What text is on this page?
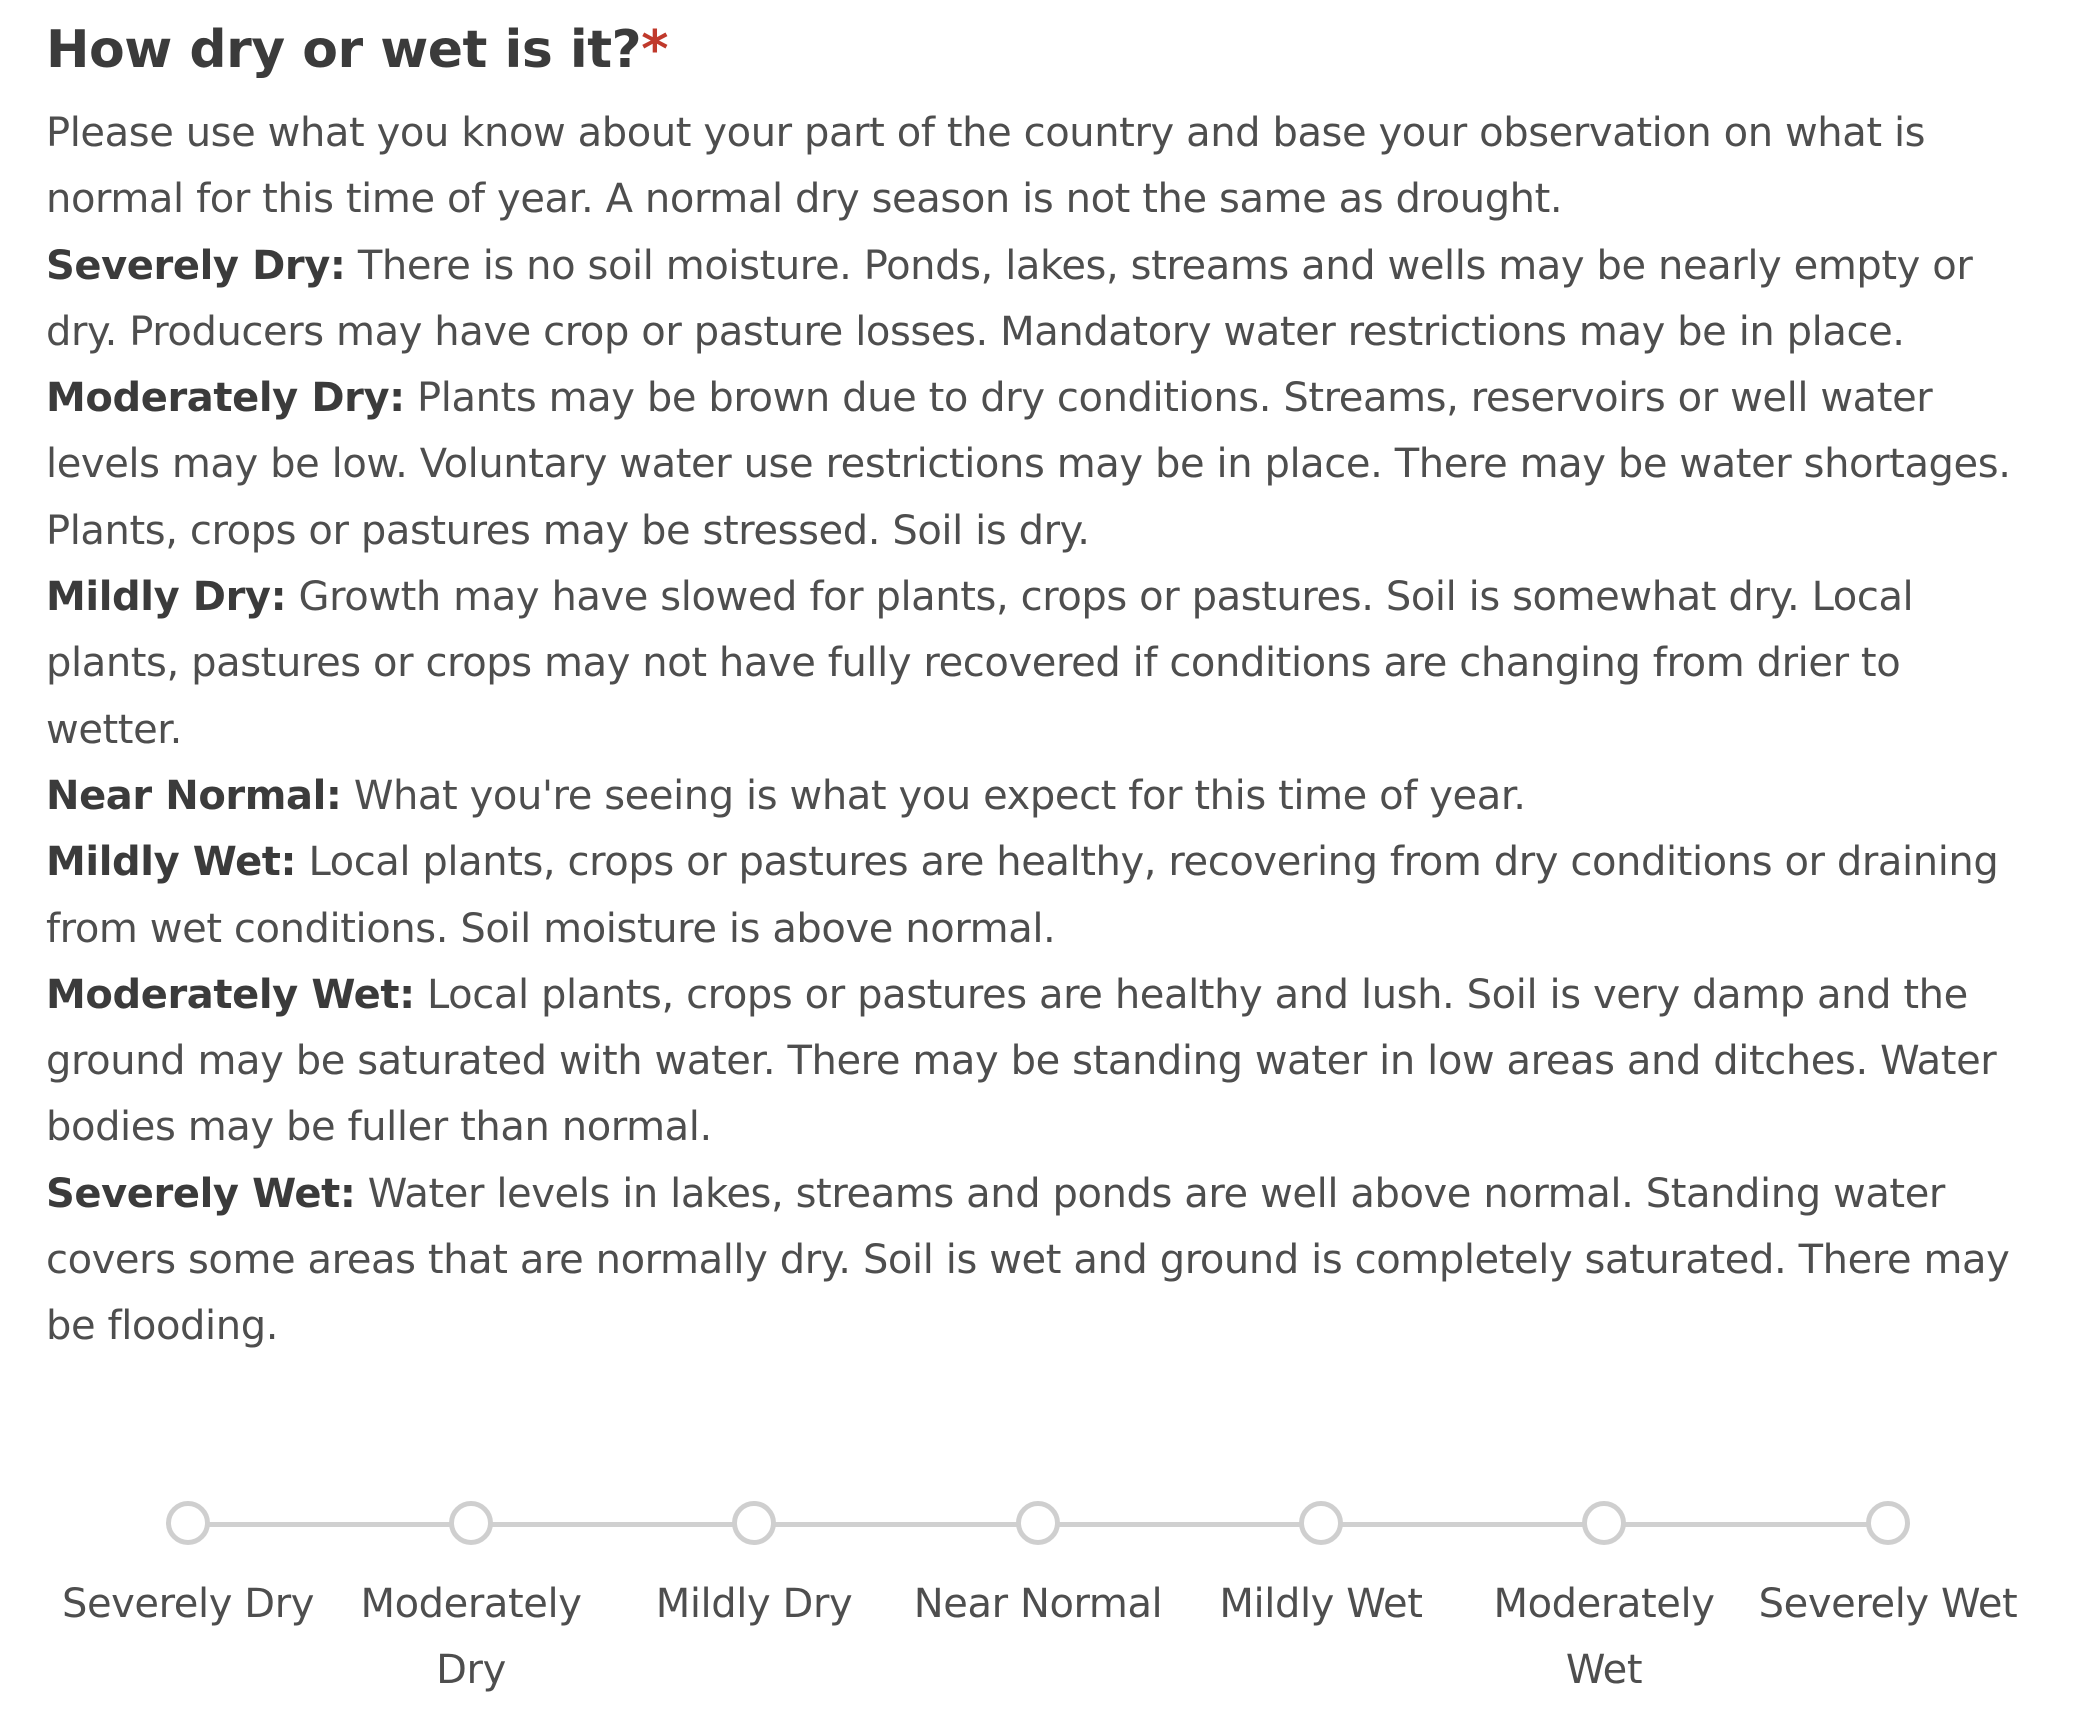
How dry or wet is it?*

Please use what you know about your part of the country and base your observation on what is normal for this time of year. A normal dry season is not the same as drought.

Severely Dry: There is no soil moisture. Ponds, lakes, streams and wells may be nearly empty or dry. Producers may have crop or pasture losses. Mandatory water restrictions may be in place.

Moderately Dry: Plants may be brown due to dry conditions. Streams, reservoirs or well water levels may be low. Voluntary water use restrictions may be in place. There may be water shortages. Plants, crops or pastures may be stressed. Soil is dry.

Mildly Dry: Growth may have slowed for plants, crops or pastures. Soil is somewhat dry. Local plants, pastures or crops may not have fully recovered if conditions are changing from drier to wetter.

Near Normal: What you're seeing is what you expect for this time of year.

Mildly Wet: Local plants, crops or pastures are healthy, recovering from dry conditions or draining from wet conditions. Soil moisture is above normal.

Moderately Wet: Local plants, crops or pastures are healthy and lush. Soil is very damp and the ground may be saturated with water. There may be standing water in low areas and ditches. Water bodies may be fuller than normal.

Severely Wet: Water levels in lakes, streams and ponds are well above normal. Standing water covers some areas that are normally dry. Soil is wet and ground is completely saturated. There may be flooding.

Severely Dry	Moderately Dry
Mildly Dry	Near Normal	Mildly Wet	Moderately Wet
Severely Wet
